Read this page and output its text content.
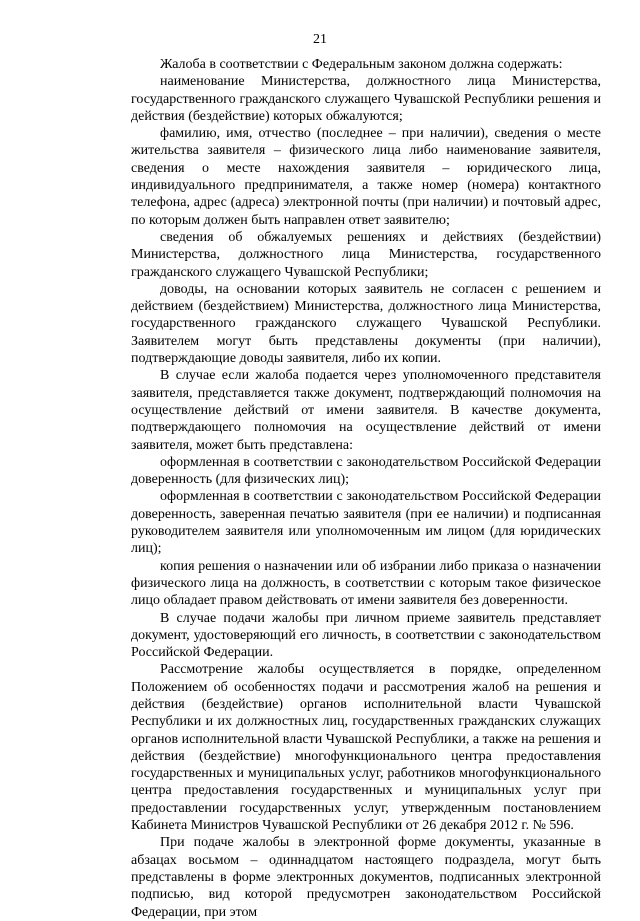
21

Жалоба в соответствии с Федеральным законом должна содержать:

наименование Министерства, должностного лица Министерства, государственного гражданского служащего Чувашской Республики решения и действия (бездействие) которых обжалуются;

фамилию, имя, отчество (последнее – при наличии), сведения о месте жительства заявителя – физического лица либо наименование заявителя, сведения о месте нахождения заявителя – юридического лица, индивидуального предпринимателя, а также номер (номера) контактного телефона, адрес (адреса) электронной почты (при наличии) и почтовый адрес, по которым должен быть направлен ответ заявителю;

сведения об обжалуемых решениях и действиях (бездействии) Министерства, должностного лица Министерства, государственного гражданского служащего Чувашской Республики;

доводы, на основании которых заявитель не согласен с решением и действием (бездействием) Министерства, должностного лица Министерства, государственного гражданского служащего Чувашской Республики. Заявителем могут быть представлены документы (при наличии), подтверждающие доводы заявителя, либо их копии.

В случае если жалоба подается через уполномоченного представителя заявителя, представляется также документ, подтверждающий полномочия на осуществление действий от имени заявителя. В качестве документа, подтверждающего полномочия на осуществление действий от имени заявителя, может быть представлена:

оформленная в соответствии с законодательством Российской Федерации доверенность (для физических лиц);

оформленная в соответствии с законодательством Российской Федерации доверенность, заверенная печатью заявителя (при ее наличии) и подписанная руководителем заявителя или уполномоченным им лицом (для юридических лиц);

копия решения о назначении или об избрании либо приказа о назначении физического лица на должность, в соответствии с которым такое физическое лицо обладает правом действовать от имени заявителя без доверенности.

В случае подачи жалобы при личном приеме заявитель представляет документ, удостоверяющий его личность, в соответствии с законодательством Российской Федерации.

Рассмотрение жалобы осуществляется в порядке, определенном Положением об особенностях подачи и рассмотрения жалоб на решения и действия (бездействие) органов исполнительной власти Чувашской Республики и их должностных лиц, государственных гражданских служащих органов исполнительной власти Чувашской Республики, а также на решения и действия (бездействие) многофункционального центра предоставления государственных и муниципальных услуг, работников многофункционального центра предоставления государственных и муниципальных услуг при предоставлении государственных услуг, утвержденным постановлением Кабинета Министров Чувашской Республики от 26 декабря 2012 г. № 596.

При подаче жалобы в электронной форме документы, указанные в абзацах восьмом – одиннадцатом настоящего подраздела, могут быть представлены в форме электронных документов, подписанных электронной подписью, вид которой предусмотрен законодательством Российской Федерации, при этом
